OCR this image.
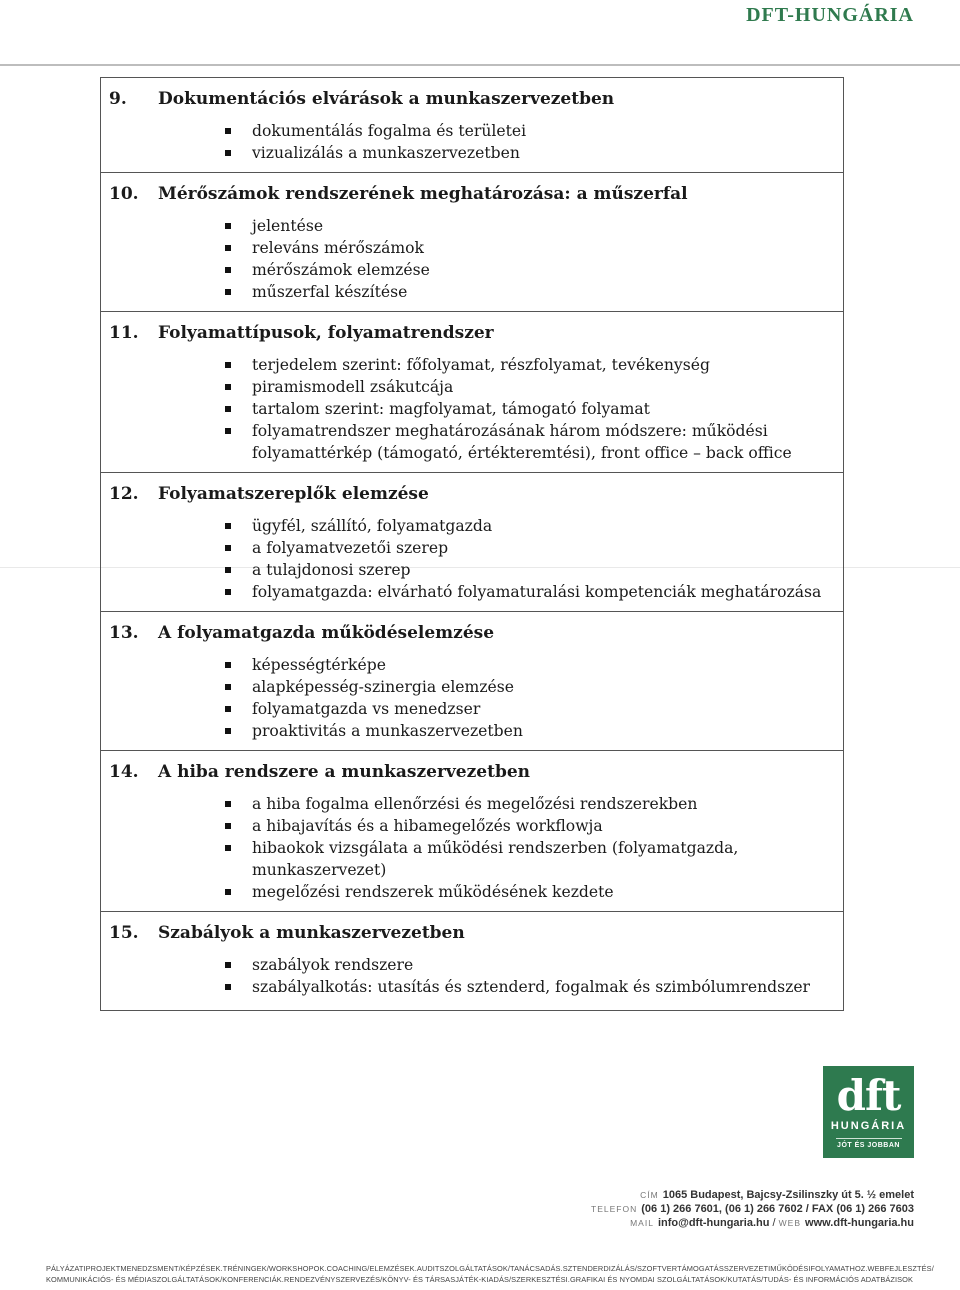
DFT-HUNGÁRIA
9.	Dokumentációs elvárások a munkaszervezetben
dokumentálás fogalma és területei
vizualizálás a munkaszervezetben
10.	Mérőszámok rendszerének meghatározása: a műszerfal
jelentése
releváns mérőszámok
mérőszámok elemzése
műszerfal készítése
11.	Folyamattípusok, folyamatrendszer
terjedelem szerint: főfolyamat, részfolyamat, tevékenység
piramismodell zsákutcája
tartalom szerint: magfolyamat, támogató folyamat
folyamatrendszer meghatározásának három módszere: működési folyamattérkép (támogató, értékteremtési), front office – back office
12.	Folyamatszereplők elemzése
ügyfél, szállító, folyamatgazda
a folyamatvezetői szerep
a tulajdonosi szerep
folyamatgazda: elvárható folyamaturalási kompetenciák meghatározása
13.	A folyamatgazda működéselemzése
képességtérképe
alapképesség-szinergia elemzése
folyamatgazda vs menedzser
proaktivitás a munkaszervezetben
14.	A hiba rendszere a munkaszervezetben
a hiba fogalma ellenőrzési és megelőzési rendszerekben
a hibajavítás és a hibamegelőzés workflowja
hibaokok vizsgálata a működési rendszerben (folyamatgazda, munkaszervezet)
megelőzési rendszerek működésének kezdete
15.	Szabályok a munkaszervezetben
szabályok rendszere
szabályalkotás: utasítás és sztenderd, fogalmak és szimbólumrendszer
dft
HUNGÁRIA
JÓT ÉS JOBBAN
CÍM 1065 Budapest, Bajcsy-Zsilinszky út 5. ½ emelet
TELEFON (06 1) 266 7601, (06 1) 266 7602 / FAX (06 1) 266 7603
MAIL info@dft-hungaria.hu / WEB www.dft-hungaria.hu
PÁLYÁZATIPROJEKTMENEDZSMENT/KÉPZÉSEK.TRÉNINGEK/WORKSHOPOK.COACHING/ELEMZÉSEK.AUDITSZOLGÁLTATÁSOK/TANÁCSADÁS.SZTENDERDIZÁLÁS/SZOFTVERTÁMOGATÁSSZERVEZETIMŰKÖDÉSIFOLYAMATHOZ.WEBFEJLESZTÉS/
KOMMUNIKÁCIÓS- ÉS MÉDIASZOLGÁLTATÁSOK/KONFERENCIÁK.RENDEZVÉNYSZERVEZÉS/KÖNYV- ÉS TÁRSASJÁTÉK-KIADÁS/SZERKESZTÉSI.GRAFIKAI ÉS NYOMDAI SZOLGÁLTATÁSOK/KUTATÁS/TUDÁS- ÉS INFORMÁCIÓS ADATBÁZISOK
